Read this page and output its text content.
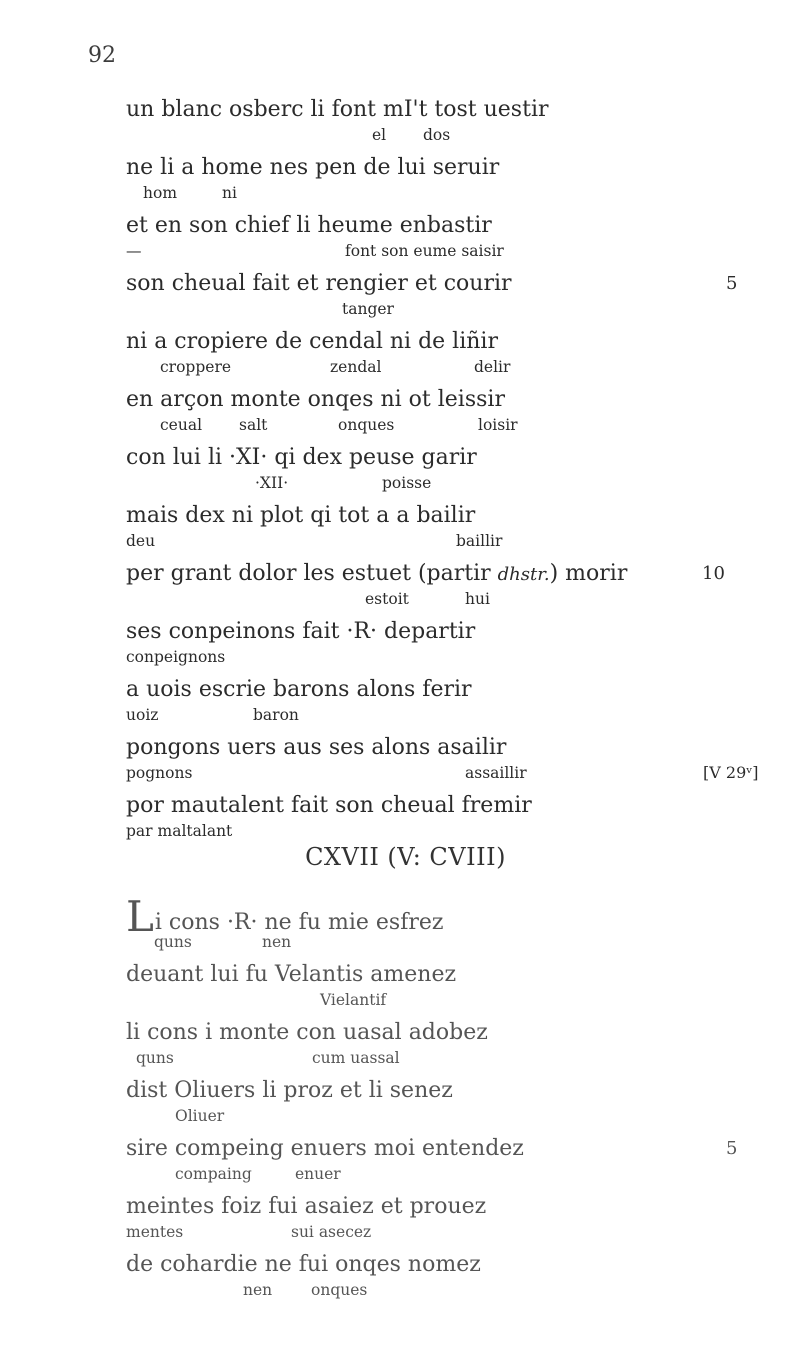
92
un blanc osberc li font mI't tost uestir
el dos
ne li a home nes pen de lui seruir
hom	ni
et en son chief li heume enbastir
—	font son eume saisir
son cheual fait et rengier et courir	5
tanger
ni a cropiere de cendal ni de liñir
croppere	zendal	delir
en arçon monte onqes ni ot leissir
ceual salt	onques	loisir
con lui li ·XI· qi dex peuse garir
·XII·	poisse
mais dex ni plot qi tot a a bailir
deu	baillir
per grant dolor les estuet (partir dhstr.) morir	10
estoit	hui
ses conpeinons fait ·R· departir
conpeignons
a uois escrie barons alons ferir
uoiz	baron
pongons uers aus ses alons asailir
[V 29ᵛ]
pognons	assaillir
por mautalent fait son cheual fremir
par maltalant
CXVII (V: CVIII)
Li cons ·R· ne fu mie esfrez
quns	nen
deuant lui fu Velantis amenez
Vielantif
li cons i monte con uasal adobez
quns	cum uassal
dist Oliuers li proz et li senez
Oliuer
sire compeing enuers moi entendez	5
compaing	enuer
meintes foiz fui asaiez et prouez
mentes	sui asecez
de cohardie ne fui onqes nomez
nen	onques
